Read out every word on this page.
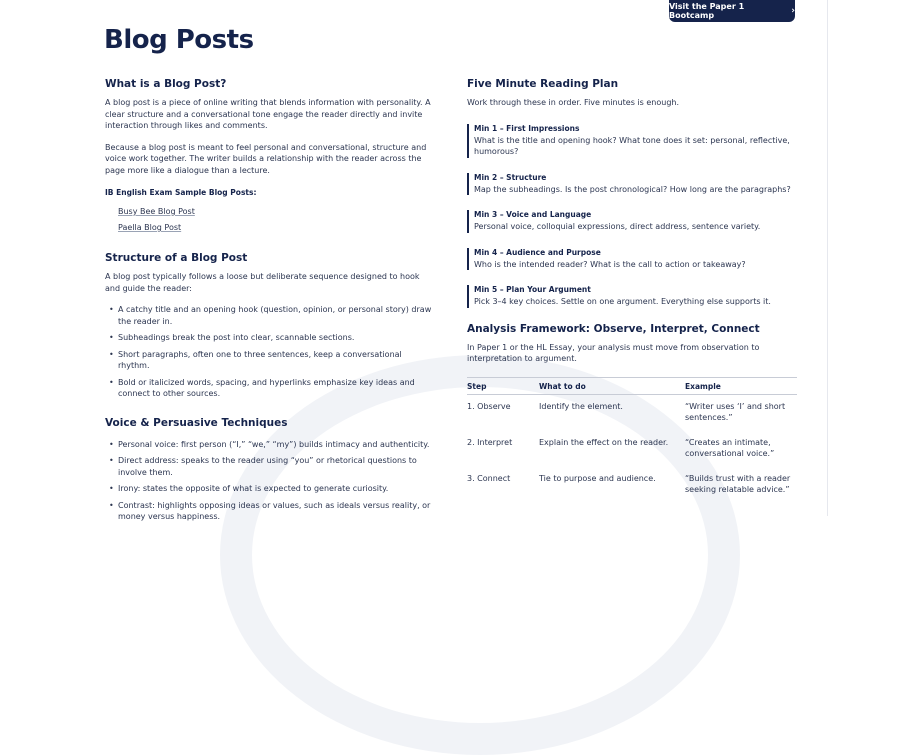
Visit the Paper 1 Bootcamp	›
Blog Posts
What is a Blog Post?

A blog post is a piece of online writing that blends information with personality. A clear structure and a conversational tone engage the reader directly and invite interaction through likes and comments.

Because a blog post is meant to feel personal and conversational, structure and voice work together. The writer builds a relationship with the reader across the page more like a dialogue than a lecture.

IB English Exam Sample Blog Posts:
Busy Bee Blog Post
Paella Blog Post
Structure of a Blog Post

A blog post typically follows a loose but deliberate sequence designed to hook and guide the reader:

• A catchy title and an opening hook (question, opinion, or personal story) draw the reader in.
• Subheadings break the post into clear, scannable sections.
• Short paragraphs, often one to three sentences, keep a conversational rhythm.
• Bold or italicized words, spacing, and hyperlinks emphasize key ideas and connect to other sources.
Voice & Persuasive Techniques
• Personal voice: first person (“I,” “we,” “my”) builds intimacy and authenticity.
• Direct address: speaks to the reader using “you” or rhetorical questions to involve them.
• Irony: states the opposite of what is expected to generate curiosity.
• Contrast: highlights opposing ideas or values, such as ideals versus reality, or money versus happiness.
Five Minute Reading Plan

Work through these in order. Five minutes is enough.

Min 1 – First Impressions
What is the title and opening hook? What tone does it set: personal, reflective, humorous?
Min 2 – Structure
Map the subheadings. Is the post chronological? How long are the paragraphs?
Min 3 – Voice and Language
Personal voice, colloquial expressions, direct address, sentence variety.
Min 4 – Audience and Purpose
Who is the intended reader? What is the call to action or takeaway?
Min 5 – Plan Your Argument
Pick 3–4 key choices. Settle on one argument. Everything else supports it.
Analysis Framework: Observe, Interpret, Connect

In Paper 1 or the HL Essay, your analysis must move from observation to interpretation to argument.

Step	What to do	Example
1. Observe	Identify the element.	“Writer uses ‘I’ and short sentences.”
2. Interpret	Explain the effect on the reader.	“Creates an intimate, conversational voice.”
3. Connect	Tie to purpose and audience.	“Builds trust with a reader seeking relatable advice.”
